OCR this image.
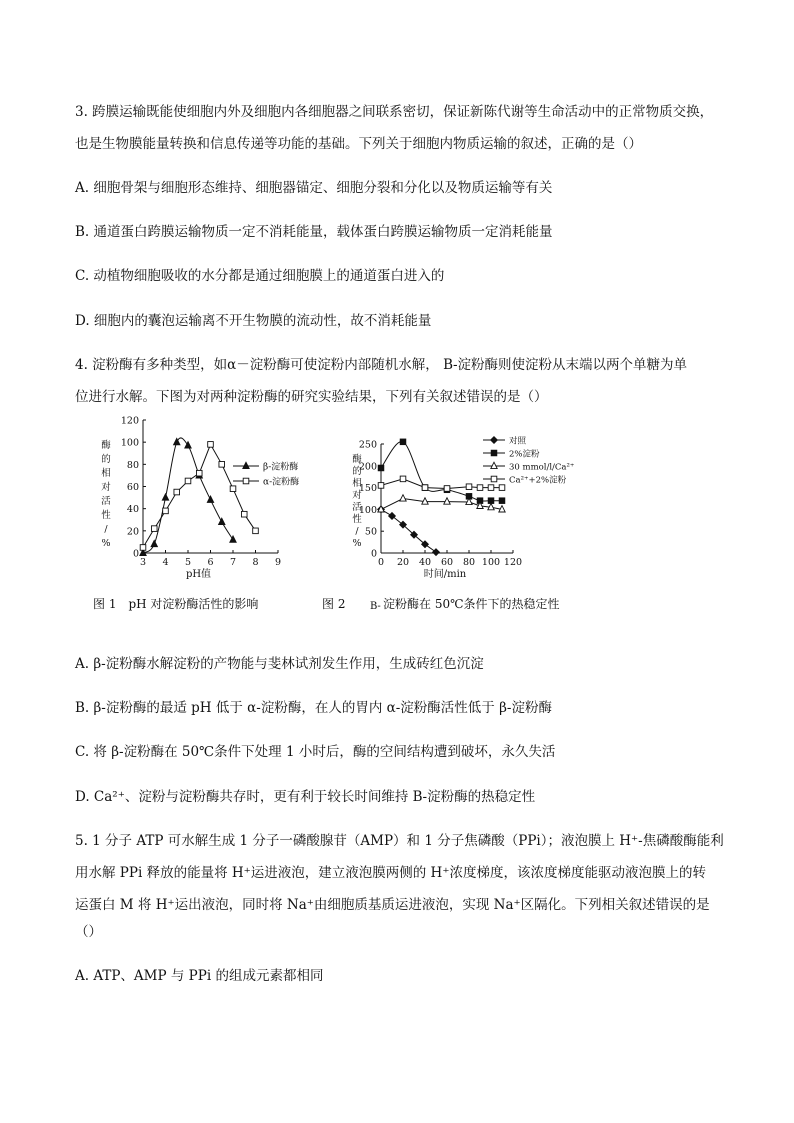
3. 跨膜运输既能使细胞内外及细胞内各细胞器之间联系密切，保证新陈代谢等生命活动中的正常物质交换，
也是生物膜能量转换和信息传递等功能的基础。下列关于细胞内物质运输的叙述，正确的是（）
A. 细胞骨架与细胞形态维持、细胞器锚定、细胞分裂和分化以及物质运输等有关
B. 通道蛋白跨膜运输物质一定不消耗能量，载体蛋白跨膜运输物质一定消耗能量
C. 动植物细胞吸收的水分都是通过细胞膜上的通道蛋白进入的
D. 细胞内的囊泡运输离不开生物膜的流动性，故不消耗能量
4. 淀粉酶有多种类型，如α－淀粉酶可使淀粉内部随机水解， Β-淀粉酶则使淀粉从末端以两个单糖为单
位进行水解。下图为对两种淀粉酶的研究实验结果，下列有关叙述错误的是（）
3 4 5 6 7 8 9
0
20
40
60
80
100
120
pH值
酶
的
相
对
活
性
/
%
β-淀粉酶
α-淀粉酶
0 20 40 60 80 100 120
0
50
100
150
200
250
时间/min
酶
的
相
对
活
性
/
%
对照
2%淀粉
30 mmol/l/Ca²⁺
Ca²⁺+2%淀粉
图 1　pH 对淀粉酶活性的影响	图 2 Β- 淀粉酶在 50℃条件下的热稳定性
A. β-淀粉酶水解淀粉的产物能与斐林试剂发生作用，生成砖红色沉淀
B. β-淀粉酶的最适 pH 低于 α-淀粉酶，在人的胃内 α-淀粉酶活性低于 β-淀粉酶
C. 将 β-淀粉酶在 50℃条件下处理 1 小时后，酶的空间结构遭到破坏，永久失活
D. Ca²⁺、淀粉与淀粉酶共存时，更有利于较长时间维持 Β-淀粉酶的热稳定性
5. 1 分子 ATP 可水解生成 1 分子一磷酸腺苷（AMP）和 1 分子焦磷酸（PPi）；液泡膜上 H⁺-焦磷酸酶能利
用水解 PPi 释放的能量将 H⁺运进液泡，建立液泡膜两侧的 H⁺浓度梯度，该浓度梯度能驱动液泡膜上的转
运蛋白 M 将 H⁺运出液泡，同时将 Na⁺由细胞质基质运进液泡，实现 Na⁺区隔化。下列相关叙述错误的是
（）
A. ATP、AMP 与 PPi 的组成元素都相同
